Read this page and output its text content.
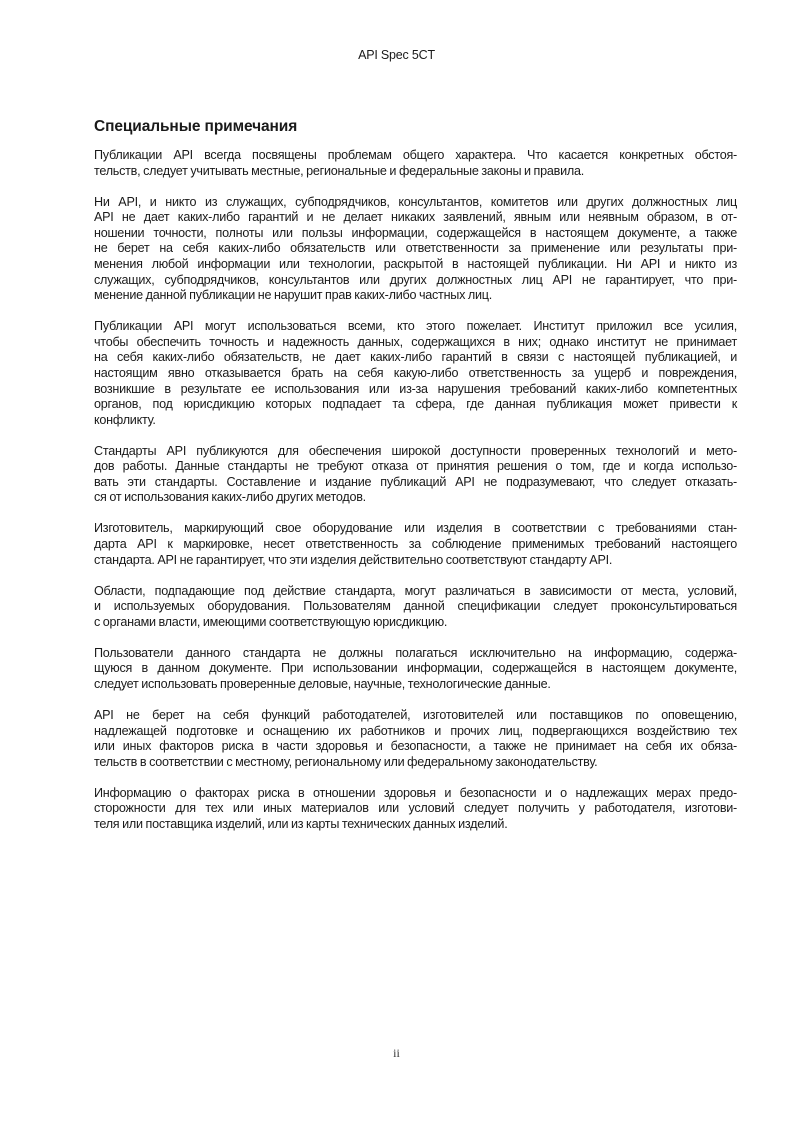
API Spec 5CT
Специальные примечания

Публикации API всегда посвящены проблемам общего характера. Что касается конкретных обстоя-
тельств, следует учитывать местные, региональные и федеральные законы и правила.

Ни API, и никто из служащих, субподрядчиков, консультантов, комитетов или других должностных лиц
API не дает каких-либо гарантий и не делает никаких заявлений, явным или неявным образом, в от-
ношении точности, полноты или пользы информации, содержащейся в настоящем документе, а также
не берет на себя каких-либо обязательств или ответственности за применение или результаты при-
менения любой информации или технологии, раскрытой в настоящей публикации. Ни API и никто из
служащих, субподрядчиков, консультантов или других должностных лиц API не гарантирует, что при-
менение данной публикации не нарушит прав каких-либо частных лиц.

Публикации API могут использоваться всеми, кто этого пожелает. Институт приложил все усилия,
чтобы обеспечить точность и надежность данных, содержащихся в них; однако институт не принимает
на себя каких-либо обязательств, не дает каких-либо гарантий в связи с настоящей публикацией, и
настоящим явно отказывается брать на себя какую-либо ответственность за ущерб и повреждения,
возникшие в результате ее использования или из-за нарушения требований каких-либо компетентных
органов, под юрисдикцию которых подпадает та сфера, где данная публикация может привести к
конфликту.

Стандарты API публикуются для обеспечения широкой доступности проверенных технологий и мето-
дов работы. Данные стандарты не требуют отказа от принятия решения о том, где и когда использо-
вать эти стандарты. Составление и издание публикаций API не подразумевают, что следует отказать-
ся от использования каких-либо других методов.

Изготовитель, маркирующий свое оборудование или изделия в соответствии с требованиями стан-
дарта API к маркировке, несет ответственность за соблюдение применимых требований настоящего
стандарта. API не гарантирует, что эти изделия действительно соответствуют стандарту API.

Области, подпадающие под действие стандарта, могут различаться в зависимости от места, условий,
и используемых оборудования. Пользователям данной спецификации следует проконсультироваться
с органами власти, имеющими соответствующую юрисдикцию.

Пользователи данного стандарта не должны полагаться исключительно на информацию, содержа-
щуюся в данном документе. При использовании информации, содержащейся в настоящем документе,
следует использовать проверенные деловые, научные, технологические данные.

API не берет на себя функций работодателей, изготовителей или поставщиков по оповещению,
надлежащей подготовке и оснащению их работников и прочих лиц, подвергающихся воздействию тех
или иных факторов риска в части здоровья и безопасности, а также не принимает на себя их обяза-
тельств в соответствии с местному, региональному или федеральному законодательству.

Информацию о факторах риска в отношении здоровья и безопасности и о надлежащих мерах предо-
сторожности для тех или иных материалов или условий следует получить у работодателя, изготови-
теля или поставщика изделий, или из карты технических данных изделий.

ii
